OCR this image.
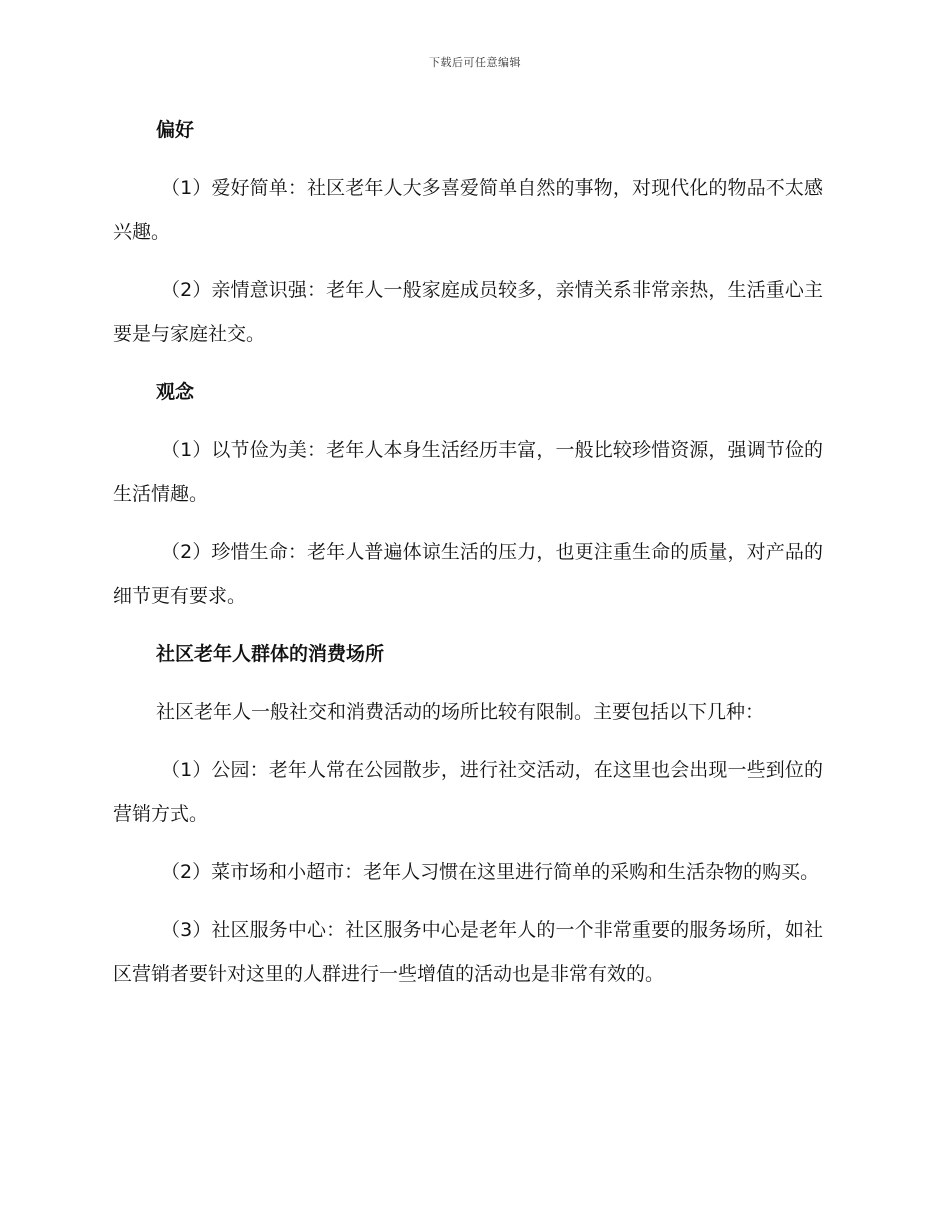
下载后可任意编辑
偏好

（1）爱好简单：社区老年人大多喜爱简单自然的事物，对现代化的物品不太感兴趣。

（2）亲情意识强：老年人一般家庭成员较多，亲情关系非常亲热，生活重心主要是与家庭社交。

观念

（1）以节俭为美：老年人本身生活经历丰富，一般比较珍惜资源，强调节俭的生活情趣。

（2）珍惜生命：老年人普遍体谅生活的压力，也更注重生命的质量，对产品的细节更有要求。

社区老年人群体的消费场所

社区老年人一般社交和消费活动的场所比较有限制。主要包括以下几种：

（1）公园：老年人常在公园散步，进行社交活动，在这里也会出现一些到位的营销方式。

（2）菜市场和小超市：老年人习惯在这里进行简单的采购和生活杂物的购买。

（3）社区服务中心：社区服务中心是老年人的一个非常重要的服务场所，如社区营销者要针对这里的人群进行一些增值的活动也是非常有效的。
